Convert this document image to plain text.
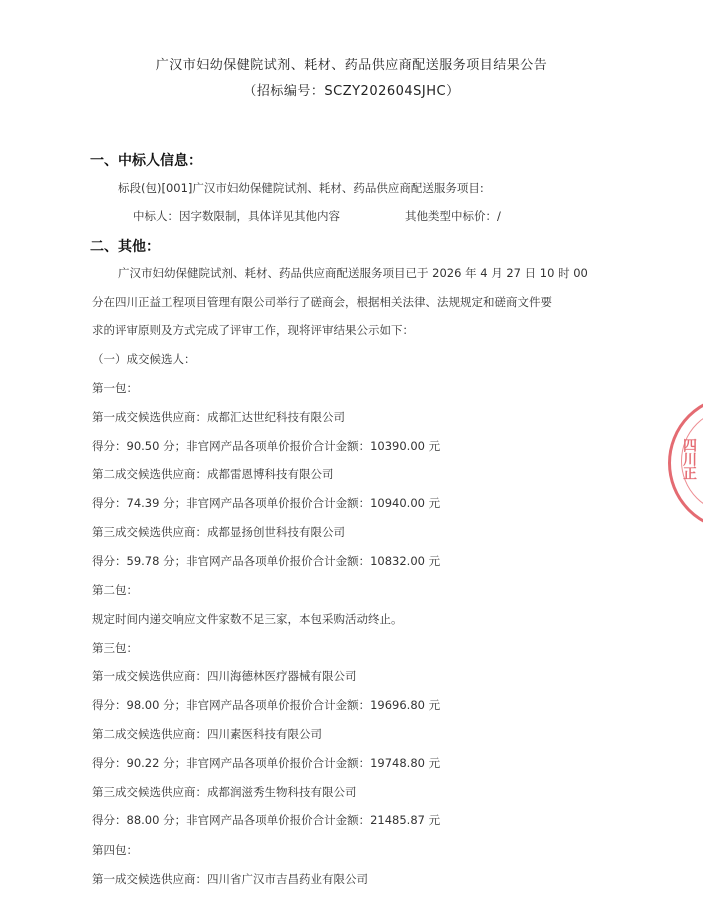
广汉市妇幼保健院试剂、耗材、药品供应商配送服务项目结果公告
（招标编号：SCZY202604SJHC）
一、中标人信息：
标段(包)[001]广汉市妇幼保健院试剂、耗材、药品供应商配送服务项目:
中标人：因字数限制，具体详见其他内容	其他类型中标价：/
二、其他：
广汉市妇幼保健院试剂、耗材、药品供应商配送服务项目已于 2026 年 4 月 27 日 10 时 00
分在四川正益工程项目管理有限公司举行了磋商会，根据相关法律、法规规定和磋商文件要
求的评审原则及方式完成了评审工作，现将评审结果公示如下：
（一）成交候选人：
第一包：
第一成交候选供应商：成都汇达世纪科技有限公司
得分：90.50 分；非官网产品各项单价报价合计金额：10390.00 元
第二成交候选供应商：成都雷恩博科技有限公司
得分：74.39 分；非官网产品各项单价报价合计金额：10940.00 元
第三成交候选供应商：成都显扬创世科技有限公司
得分：59.78 分；非官网产品各项单价报价合计金额：10832.00 元
第二包：
规定时间内递交响应文件家数不足三家，本包采购活动终止。
第三包：
第一成交候选供应商：四川海德林医疗器械有限公司
得分：98.00 分；非官网产品各项单价报价合计金额：19696.80 元
第二成交候选供应商：四川素医科技有限公司
得分：90.22 分；非官网产品各项单价报价合计金额：19748.80 元
第三成交候选供应商：成都润滋秀生物科技有限公司
得分：88.00 分；非官网产品各项单价报价合计金额：21485.87 元
第四包：
第一成交候选供应商：四川省广汉市吉昌药业有限公司
四川正
